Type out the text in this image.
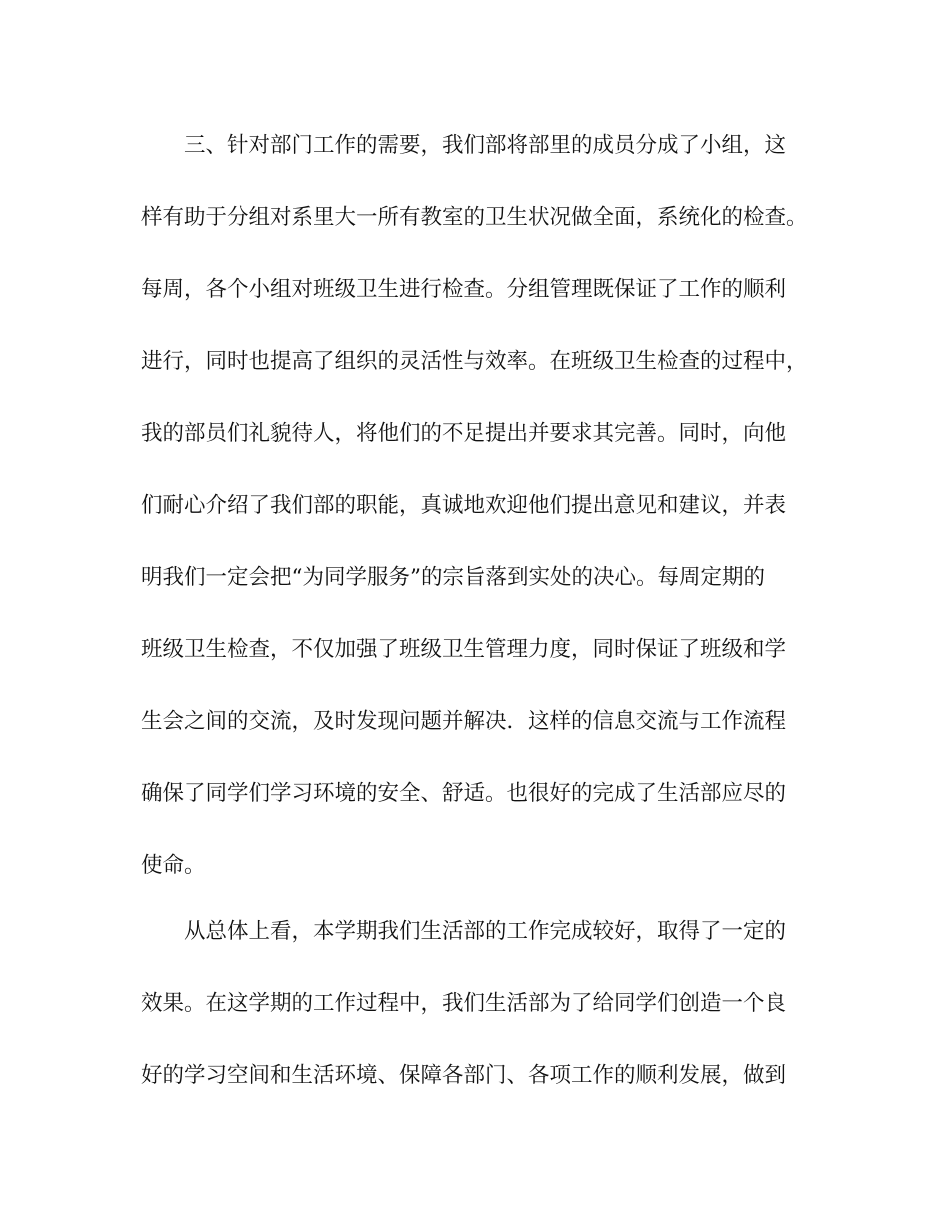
三、针对部门工作的需要，我们部将部里的成员分成了小组，这
样有助于分组对系里大一所有教室的卫生状况做全面，系统化的检查。
每周，各个小组对班级卫生进行检查。分组管理既保证了工作的顺利
进行，同时也提高了组织的灵活性与效率。在班级卫生检查的过程中，
我的部员们礼貌待人，将他们的不足提出并要求其完善。同时，向他
们耐心介绍了我们部的职能，真诚地欢迎他们提出意见和建议，并表
明我们一定会把“为同学服务”的宗旨落到实处的决心。每周定期的
班级卫生检查，不仅加强了班级卫生管理力度，同时保证了班级和学
生会之间的交流，及时发现问题并解决．这样的信息交流与工作流程
确保了同学们学习环境的安全、舒适。也很好的完成了生活部应尽的
使命。
从总体上看，本学期我们生活部的工作完成较好，取得了一定的
效果。在这学期的工作过程中，我们生活部为了给同学们创造一个良
好的学习空间和生活环境、保障各部门、各项工作的顺利发展，做到
